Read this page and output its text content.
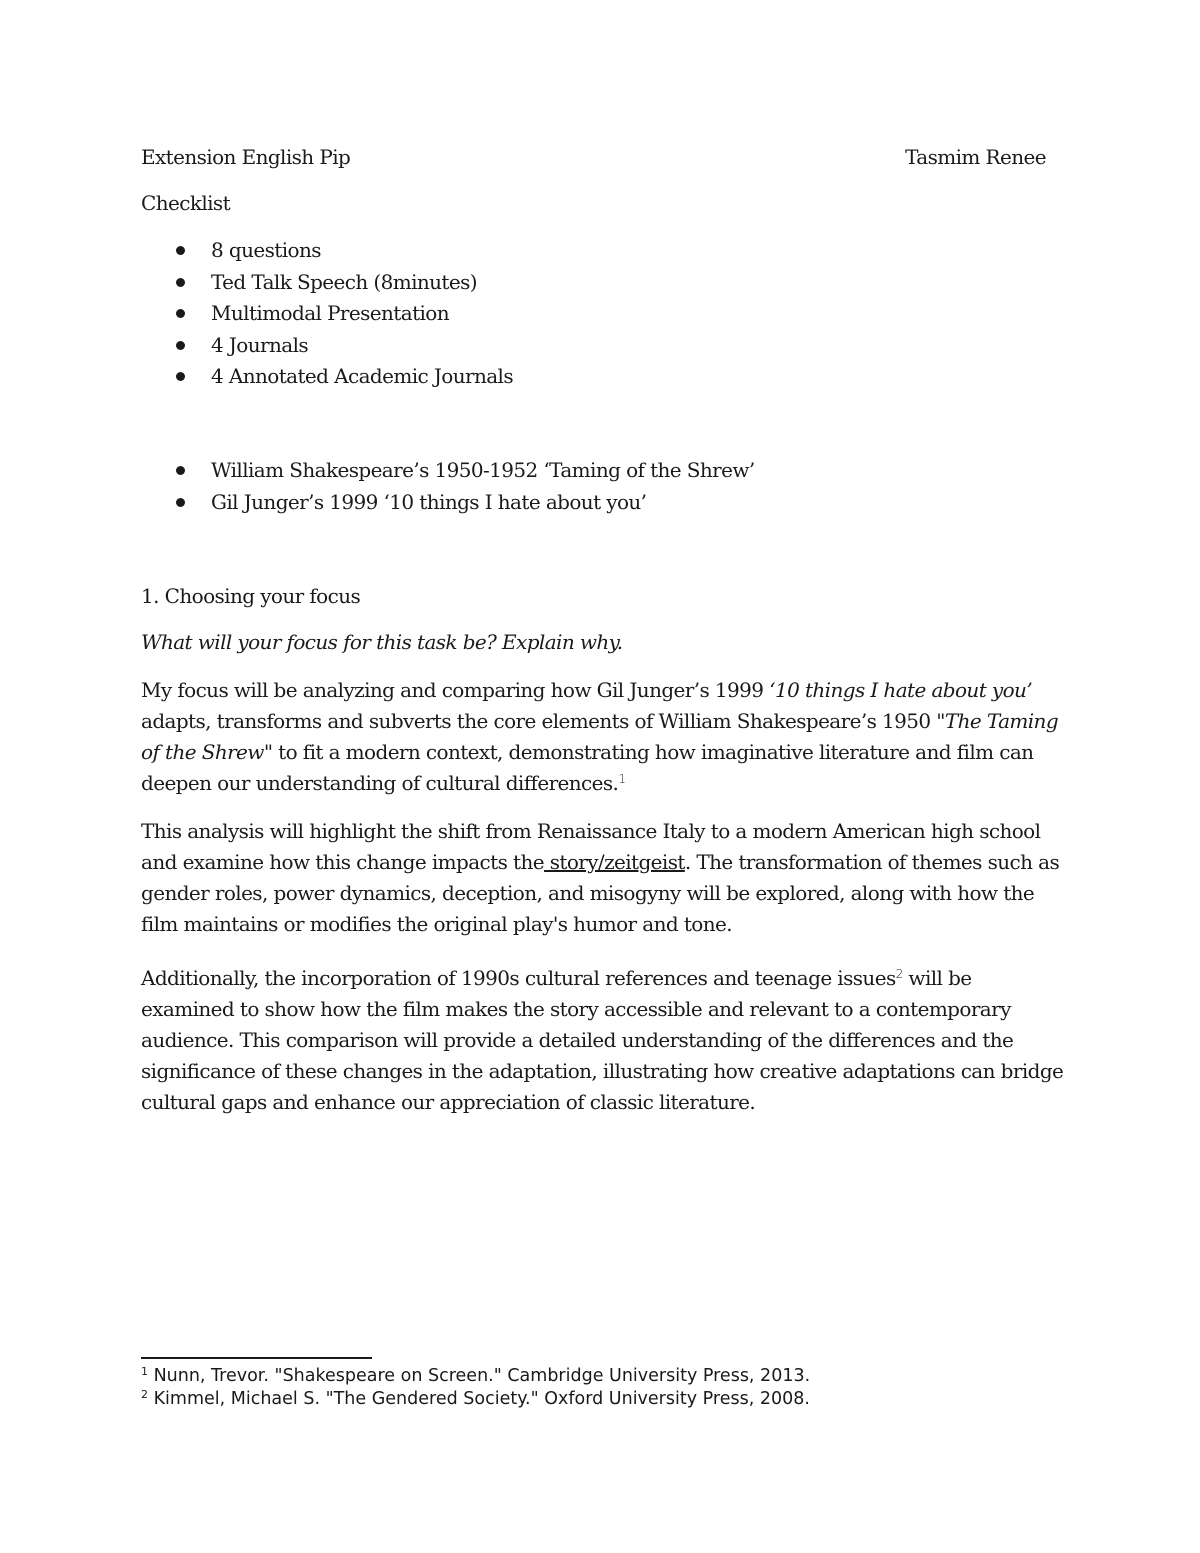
Extension English Pip	Tasmim Renee
Checklist
8 questions
Ted Talk Speech (8minutes)
Multimodal Presentation
4 Journals
4 Annotated Academic Journals
William Shakespeare’s 1950-1952 ‘Taming of the Shrew’
Gil Junger’s 1999 ‘10 things I hate about you’
1. Choosing your focus
What will your focus for this task be? Explain why.

My focus will be analyzing and comparing how Gil Junger’s 1999 ‘10 things I hate about you’ adapts, transforms and subverts the core elements of William Shakespeare’s 1950 "The Taming of the Shrew" to fit a modern context, demonstrating how imaginative literature and film can deepen our understanding of cultural differences.$^1$

This analysis will highlight the shift from Renaissance Italy to a modern American high school and examine how this change impacts the story/zeitgeist. The transformation of themes such as gender roles, power dynamics, deception, and misogyny will be explored, along with how the film maintains or modifies the original play's humor and tone.

Additionally, the incorporation of 1990s cultural references and teenage issues$^2$ will be examined to show how the film makes the story accessible and relevant to a contemporary audience. This comparison will provide a detailed understanding of the differences and the significance of these changes in the adaptation, illustrating how creative adaptations can bridge cultural gaps and enhance our appreciation of classic literature.

$^1$ Nunn, Trevor. "Shakespeare on Screen." Cambridge University Press, 2013.
$^2$ Kimmel, Michael S. "The Gendered Society." Oxford University Press, 2008.
